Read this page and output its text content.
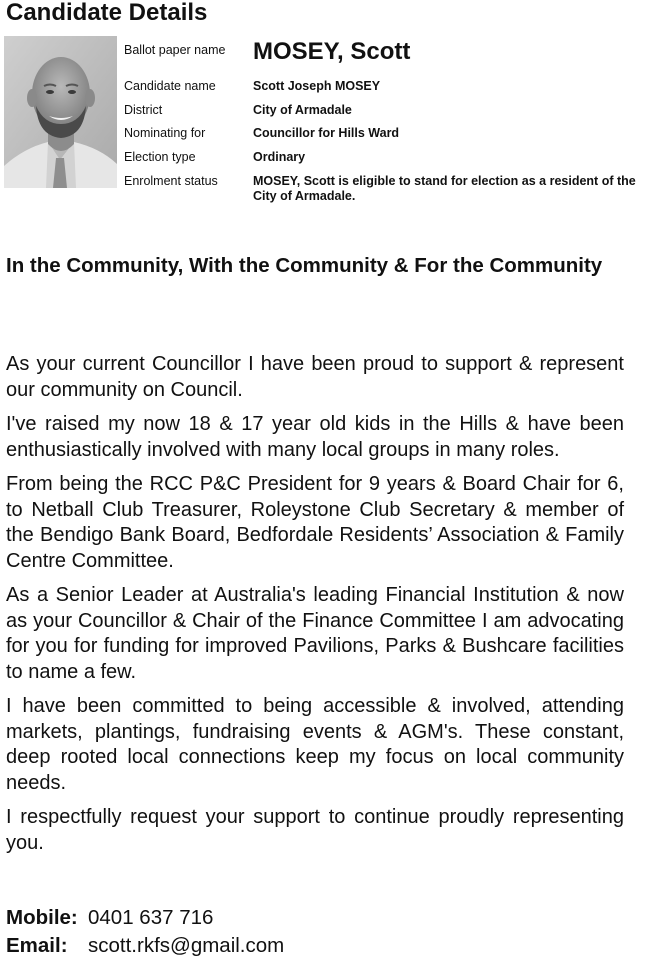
Candidate Details
Ballot paper name MOSEY, Scott
Candidate name	Scott Joseph MOSEY
District	City of Armadale
Nominating for	Councillor for Hills Ward
Election type	Ordinary
Enrolment status	MOSEY, Scott is eligible to stand for election as a resident of the City of Armadale.
In the Community, With the Community & For the Community

As your current Councillor I have been proud to support & represent our community on Council.

I've raised my now 18 & 17 year old kids in the Hills & have been enthusiastically involved with many local groups in many roles.

From being the RCC P&C President for 9 years & Board Chair for 6, to Netball Club Treasurer, Roleystone Club Secretary & member of the Bendigo Bank Board, Bedfordale Residents’ Association & Family Centre Committee.

As a Senior Leader at Australia's leading Financial Institution & now as your Councillor & Chair of the Finance Committee I am advocating for you for funding for improved Pavilions, Parks & Bushcare facilities to name a few.

I have been committed to being accessible & involved, attending markets, plantings, fundraising events & AGM's. These constant, deep rooted local connections keep my focus on local community needs.

I respectfully request your support to continue proudly representing you.

Mobile: 0401 637 716
Email: scott.rkfs@gmail.com
